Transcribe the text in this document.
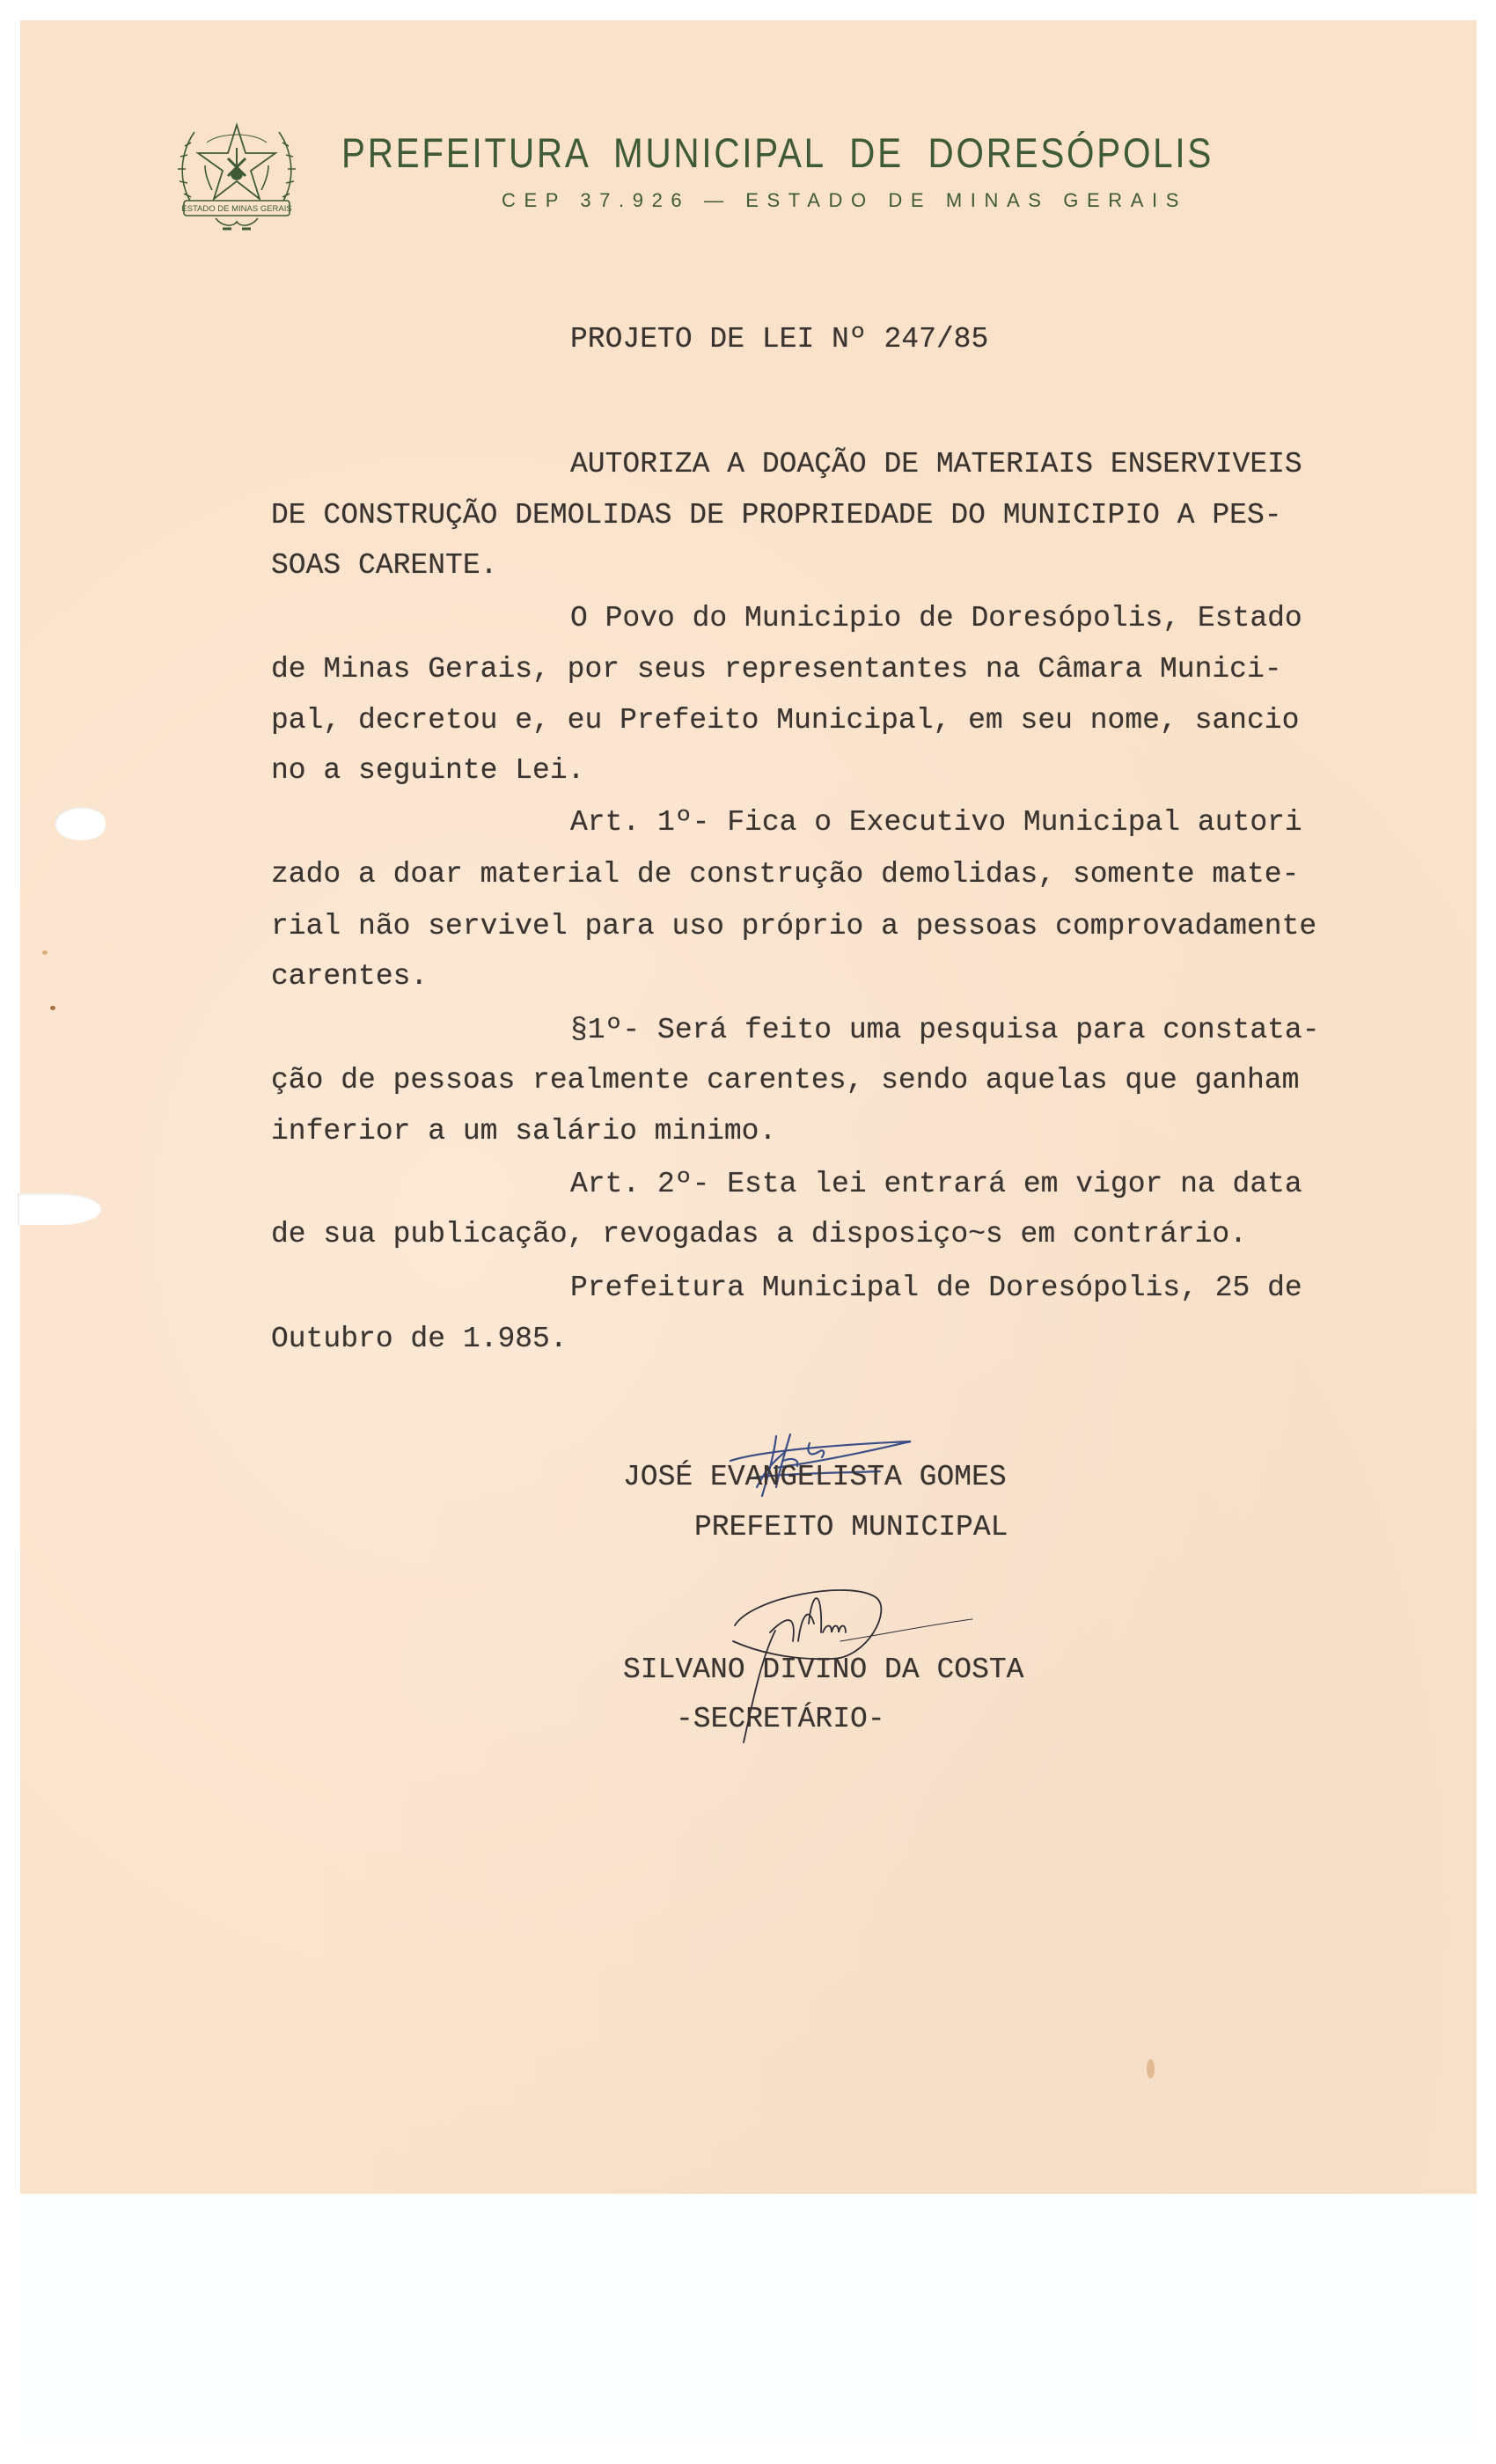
ESTADO DE MINAS GERAIS
PREFEITURA MUNICIPAL DE DORESÓPOLIS
CEP 37.926 — ESTADO DE MINAS GERAIS
PROJETO DE LEI Nº 247/85
AUTORIZA A DOAÇÃO DE MATERIAIS ENSERVIVEIS
DE CONSTRUÇÃO DEMOLIDAS DE PROPRIEDADE DO MUNICIPIO A PES-
SOAS CARENTE.
O Povo do Municipio de Doresópolis, Estado
de Minas Gerais, por seus representantes na Câmara Munici-
pal, decretou e, eu Prefeito Municipal, em seu nome, sancio
no a seguinte Lei.
Art. 1º- Fica o Executivo Municipal autori
zado a doar material de construção demolidas, somente mate-
rial não servivel para uso próprio a pessoas comprovadamente
carentes.
§1º- Será feito uma pesquisa para constata-
ção de pessoas realmente carentes, sendo aquelas que ganham
inferior a um salário minimo.
Art. 2º- Esta lei entrará em vigor na data
de sua publicação, revogadas a disposiço~s em contrário.
Prefeitura Municipal de Doresópolis, 25 de
Outubro de 1.985.
JOSÉ EVANGELISTA GOMES
PREFEITO MUNICIPAL
SILVANO DIVINO DA COSTA
-SECRETÁRIO-
